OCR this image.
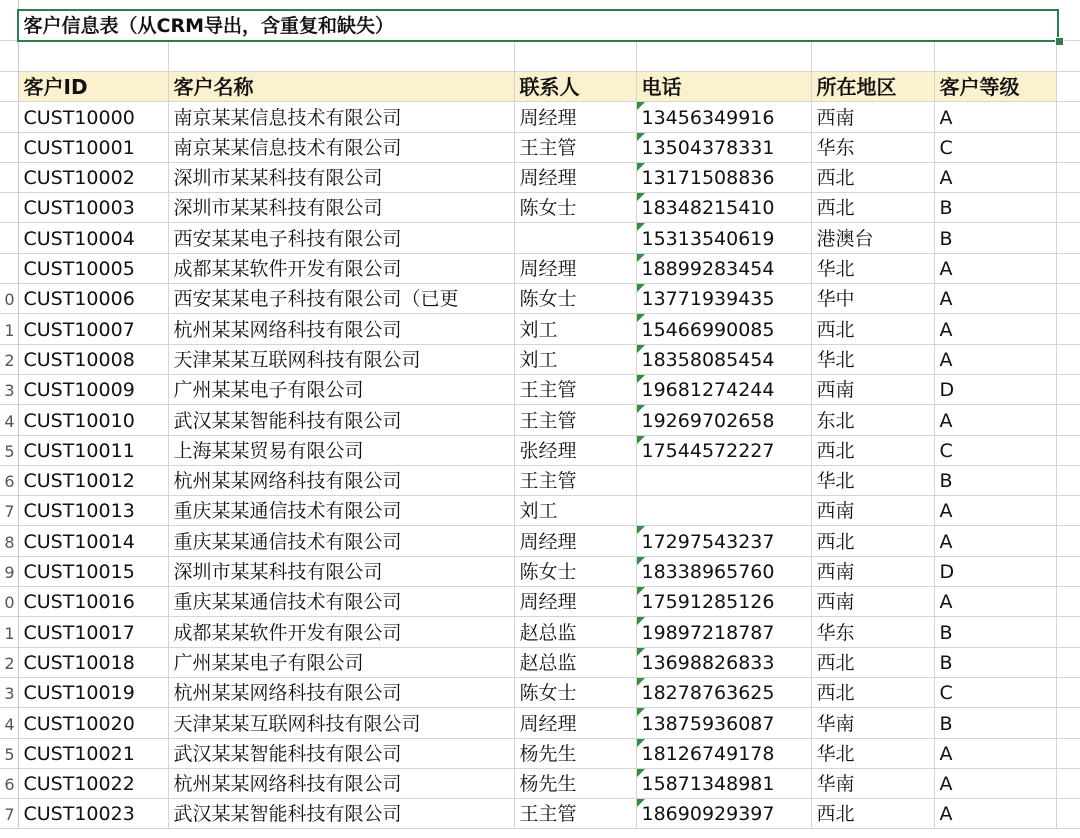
	客户信息表（从CRM导出，含重复和缺失）						

	客户ID	客户名称	联系人	电话	所在地区	客户等级	
	CUST10000	南京某某信息技术有限公司	周经理	13456349916	西南	A	
	CUST10001	南京某某信息技术有限公司	王主管	13504378331	华东	C	
	CUST10002	深圳市某某科技有限公司	周经理	13171508836	西北	A	
	CUST10003	深圳市某某科技有限公司	陈女士	18348215410	西北	B	
	CUST10004	西安某某电子科技有限公司		15313540619	港澳台	B	
	CUST10005	成都某某软件开发有限公司	周经理	18899283454	华北	A	
0	CUST10006	西安某某电子科技有限公司（已更	陈女士	13771939435	华中	A	
1	CUST10007	杭州某某网络科技有限公司	刘工	15466990085	西北	A	
2	CUST10008	天津某某互联网科技有限公司	刘工	18358085454	华北	A	
3	CUST10009	广州某某电子有限公司	王主管	19681274244	西南	D	
4	CUST10010	武汉某某智能科技有限公司	王主管	19269702658	东北	A	
5	CUST10011	上海某某贸易有限公司	张经理	17544572227	西北	C	
6	CUST10012	杭州某某网络科技有限公司	王主管		华北	B	
7	CUST10013	重庆某某通信技术有限公司	刘工		西南	A	
8	CUST10014	重庆某某通信技术有限公司	周经理	17297543237	西北	A	
9	CUST10015	深圳市某某科技有限公司	陈女士	18338965760	西南	D	
0	CUST10016	重庆某某通信技术有限公司	周经理	17591285126	西南	A	
1	CUST10017	成都某某软件开发有限公司	赵总监	19897218787	华东	B	
2	CUST10018	广州某某电子有限公司	赵总监	13698826833	西北	B	
3	CUST10019	杭州某某网络科技有限公司	陈女士	18278763625	西北	C	
4	CUST10020	天津某某互联网科技有限公司	周经理	13875936087	华南	B	
5	CUST10021	武汉某某智能科技有限公司	杨先生	18126749178	华北	A	
6	CUST10022	杭州某某网络科技有限公司	杨先生	15871348981	华南	A	
7	CUST10023	武汉某某智能科技有限公司	王主管	18690929397	西北	A	
